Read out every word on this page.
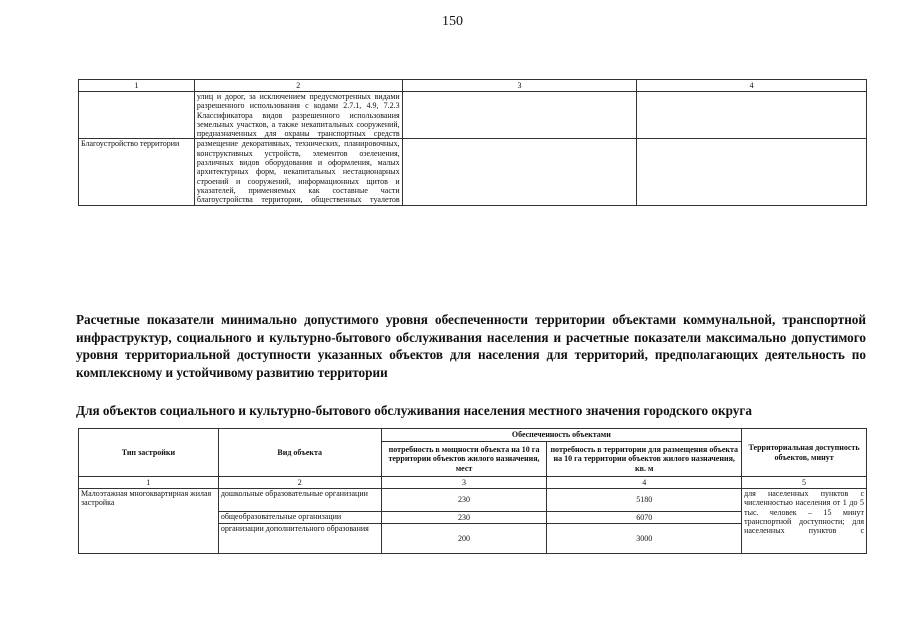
150
1	2	3	4
	улиц и дорог, за исключением предусмотренных видами разрешенного использования с кодами 2.7.1, 4.9, 7.2.3 Классификатора видов разрешенного использования земельных участков, а также некапитальных сооружений, предназначенных для охраны транспортных средств		
Благоустройство территории	размещение декоративных, технических, планировочных, конструктивных устройств, элементов озеленения, различных видов оборудования и оформления, малых архитектурных форм, некапитальных нестационарных строений и сооружений, информационных щитов и указателей, применяемых как составные части благоустройства территории, общественных туалетов		
Расчетные показатели минимально допустимого уровня обеспеченности территории объектами коммунальной, транспортной инфраструктур, социального и культурно-бытового обслуживания населения и расчетные показатели максимально допустимого уровня территориальной доступности указанных объектов для населения для территорий, предполагающих деятельность по комплексному и устойчивому развитию территории
Для объектов социального и культурно-бытового обслуживания населения местного значения городского округа
Тип застройки	Вид объекта	Обеспеченность объектами		Территориальная доступность объектов, минут
		потребность в мощности объекта на 10 га территории объектов жилого назначения, мест	потребность в территории для размещения объекта на 10 га территории объектов жилого назначения, кв. м	
1	2	3	4	5
Малоэтажная многоквартирная жилая застройка	дошкольные образовательные организации	230	5180	для населенных пунктов с численностью населения от 1 до 5 тыс. человек – 15 минут транспортной доступности; для населенных пунктов с

	общеобразовательные организации	230	6070	
	организации дополнительного образования	200	3000	
